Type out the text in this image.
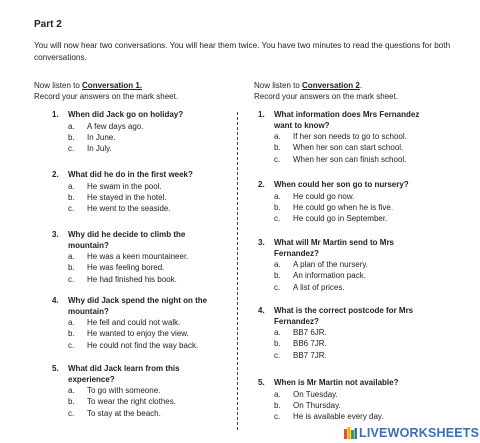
Part 2
You will now hear two conversations. You will hear them twice. You have two minutes to read the questions for both conversations.
Now listen to Conversation 1.
Record your answers on the mark sheet.
Now listen to Conversation 2.
Record your answers on the mark sheet.
1. When did Jack go on holiday?
a. A few days ago.
b. In June.
c. In July.
2. What did he do in the first week?
a. He swam in the pool.
b. He stayed in the hotel.
c. He went to the seaside.
3. Why did he decide to climb the mountain?
a. He was a keen mountaineer.
b. He was feeling bored.
c. He had finished his book.
4. Why did Jack spend the night on the mountain?
a. He fell and could not walk.
b. He wanted to enjoy the view.
c. He could not find the way back.
5. What did Jack learn from this experience?
a. To go with someone.
b. To wear the right clothes.
c. To stay at the beach.
1. What information does Mrs Fernandez want to know?
a. If her son needs to go to school.
b. When her son can start school.
c. When her son can finish school.
2. When could her son go to nursery?
a. He could go now.
b. He could go when he is five.
c. He could go in September.
3. What will Mr Martin send to Mrs Fernandez?
a. A plan of the nursery.
b. An information pack.
c. A list of prices.
4. What is the correct postcode for Mrs Fernandez?
a. BB7 6JR.
b. BB6 7JR.
c. BB7 7JR.
5. When is Mr Martin not available?
a. On Tuesday.
b. On Thursday.
c. He is available every day.
LIVEWORKSHEETS
